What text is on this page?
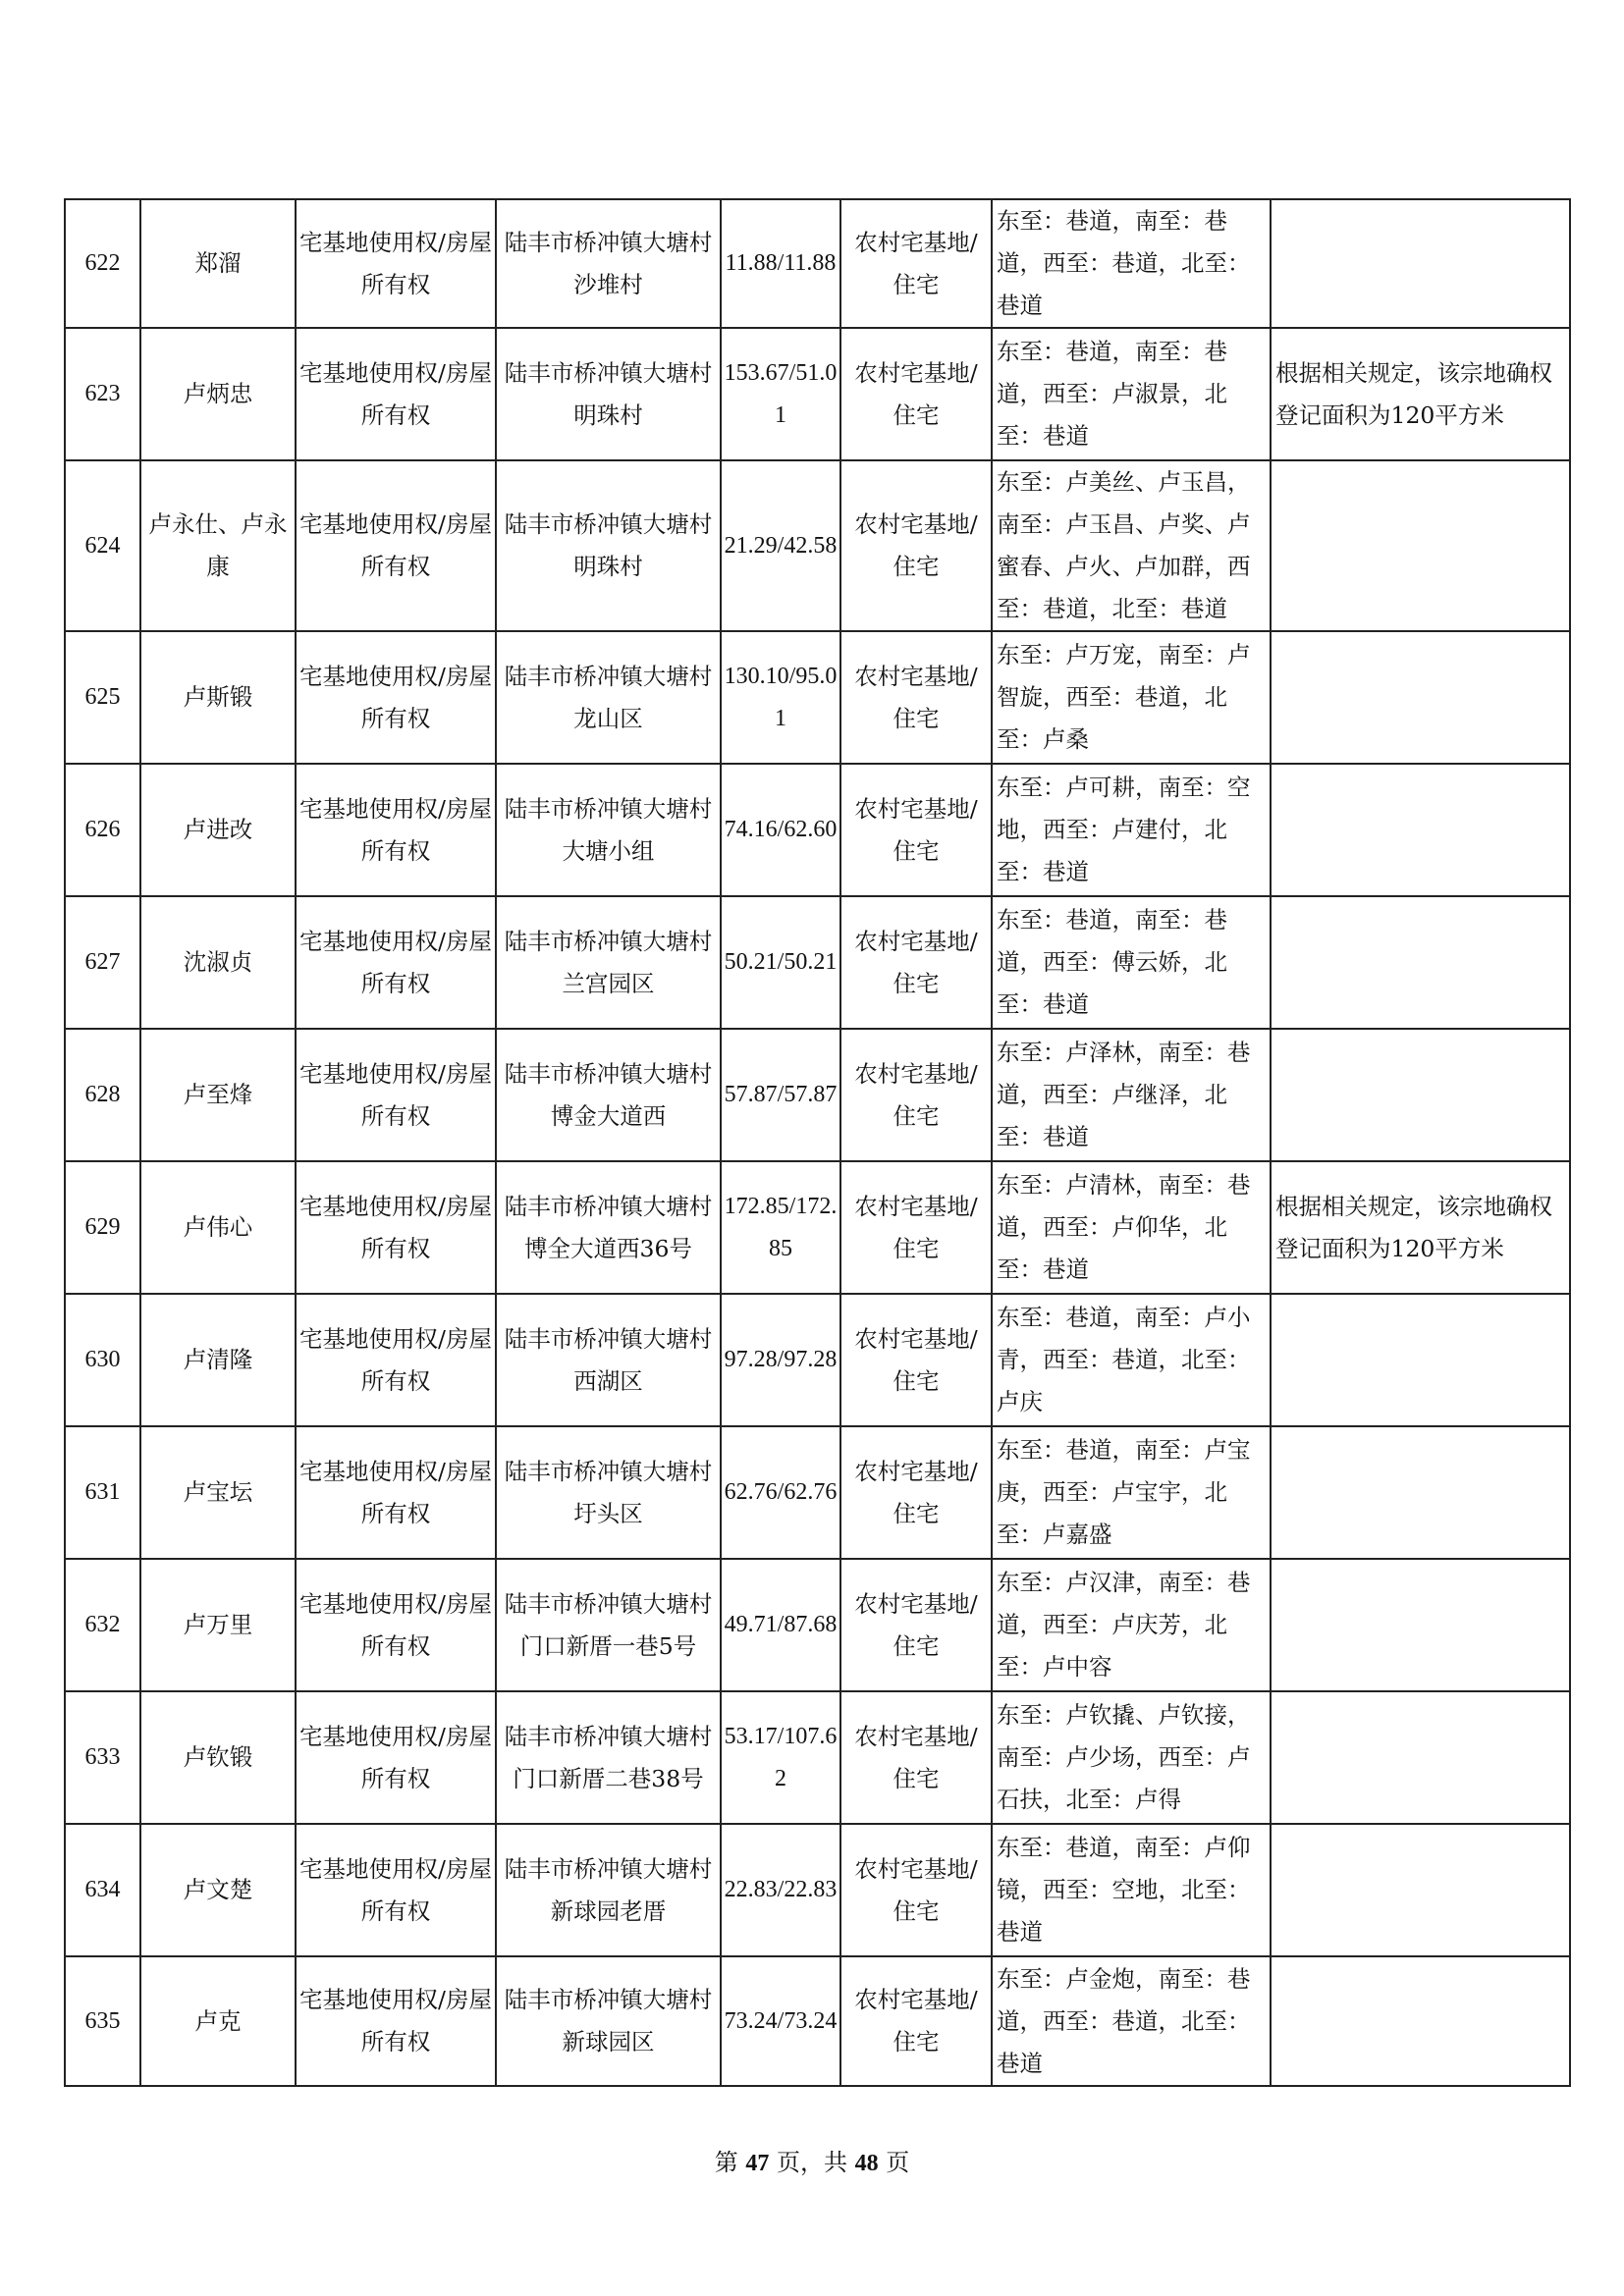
622	郑溜	宅基地使用权/房屋所有权	陆丰市桥冲镇大塘村沙堆村	11.88/11.88	农村宅基地/住宅	东至：巷道，南至：巷道，西至：巷道，北至：巷道	
623	卢炳忠	宅基地使用权/房屋所有权	陆丰市桥冲镇大塘村明珠村	153.67/51.01	农村宅基地/住宅	东至：巷道，南至：巷道，西至：卢淑景，北至：巷道	根据相关规定，该宗地确权登记面积为120平方米
624	卢永仕、卢永康	宅基地使用权/房屋所有权	陆丰市桥冲镇大塘村明珠村	21.29/42.58	农村宅基地/住宅	东至：卢美丝、卢玉昌，南至：卢玉昌、卢奖、卢蜜春、卢火、卢加群，西至：巷道，北至：巷道	
625	卢斯锻	宅基地使用权/房屋所有权	陆丰市桥冲镇大塘村龙山区	130.10/95.01	农村宅基地/住宅	东至：卢万宠，南至：卢智旋，西至：巷道，北至：卢桑	
626	卢进改	宅基地使用权/房屋所有权	陆丰市桥冲镇大塘村大塘小组	74.16/62.60	农村宅基地/住宅	东至：卢可耕，南至：空地，西至：卢建付，北至：巷道	
627	沈淑贞	宅基地使用权/房屋所有权	陆丰市桥冲镇大塘村兰宫园区	50.21/50.21	农村宅基地/住宅	东至：巷道，南至：巷道，西至：傅云娇，北至：巷道	
628	卢至烽	宅基地使用权/房屋所有权	陆丰市桥冲镇大塘村博金大道西	57.87/57.87	农村宅基地/住宅	东至：卢泽林，南至：巷道，西至：卢继泽，北至：巷道	
629	卢伟心	宅基地使用权/房屋所有权	陆丰市桥冲镇大塘村博全大道西36号	172.85/172.85	农村宅基地/住宅	东至：卢清林，南至：巷道，西至：卢仰华，北至：巷道	根据相关规定，该宗地确权登记面积为120平方米
630	卢清隆	宅基地使用权/房屋所有权	陆丰市桥冲镇大塘村西湖区	97.28/97.28	农村宅基地/住宅	东至：巷道，南至：卢小青，西至：巷道，北至：卢庆	
631	卢宝坛	宅基地使用权/房屋所有权	陆丰市桥冲镇大塘村圩头区	62.76/62.76	农村宅基地/住宅	东至：巷道，南至：卢宝庚，西至：卢宝宇，北至：卢嘉盛	
632	卢万里	宅基地使用权/房屋所有权	陆丰市桥冲镇大塘村门口新厝一巷5号	49.71/87.68	农村宅基地/住宅	东至：卢汉津，南至：巷道，西至：卢庆芳，北至：卢中容	
633	卢钦锻	宅基地使用权/房屋所有权	陆丰市桥冲镇大塘村门口新厝二巷38号	53.17/107.62	农村宅基地/住宅	东至：卢钦撬、卢钦接，南至：卢少场，西至：卢石扶，北至：卢得	
634	卢文楚	宅基地使用权/房屋所有权	陆丰市桥冲镇大塘村新球园老厝	22.83/22.83	农村宅基地/住宅	东至：巷道，南至：卢仰镜，西至：空地，北至：巷道	
635	卢克	宅基地使用权/房屋所有权	陆丰市桥冲镇大塘村新球园区	73.24/73.24	农村宅基地/住宅	东至：卢金炮，南至：巷道，西至：巷道，北至：巷道	
第 47 页，共 48 页
